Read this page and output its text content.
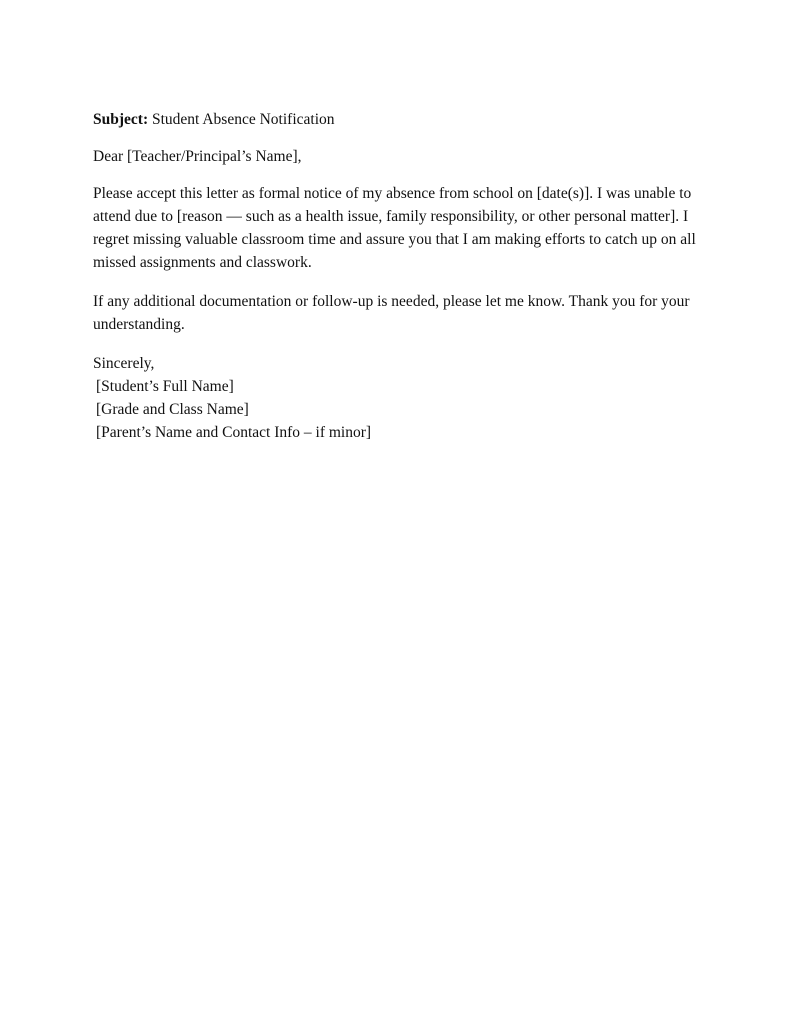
Subject: Student Absence Notification

Dear [Teacher/Principal’s Name],

Please accept this letter as formal notice of my absence from school on [date(s)]. I was unable to attend due to [reason — such as a health issue, family responsibility, or other personal matter]. I regret missing valuable classroom time and assure you that I am making efforts to catch up on all missed assignments and classwork.

If any additional documentation or follow-up is needed, please let me know. Thank you for your understanding.

Sincerely,

[Student’s Full Name]

[Grade and Class Name]

[Parent’s Name and Contact Info – if minor]
